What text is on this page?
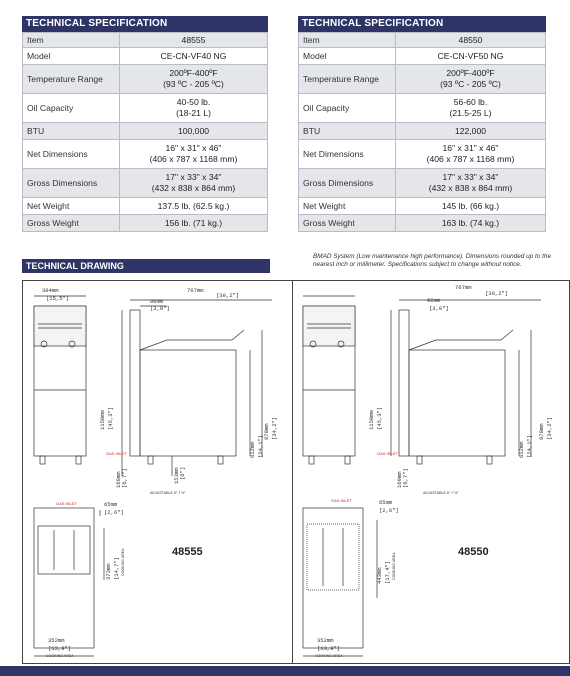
TECHNICAL SPECIFICATION
Item	48555
Model	CE-CN-VF40 NG
Temperature Range	200ºF-400ºF
(93 ºC - 205 ºC)

Oil Capacity	40-50 lb.
(18-21 L)

BTU	100,000
Net Dimensions	16" x 31" x 46"
(406 x 787 x 1168 mm)

Gross Dimensions	17" x 33" x 34"
(432 x 838 x 864 mm)

Net Weight	137.5 lb. (62.5 kg.)
Gross Weight	156 lb. (71 kg.)
TECHNICAL SPECIFICATION
Item	48550
Model	CE-CN-VF50 NG
Temperature Range	200ºF-400ºF
(93 ºC - 205 ºC)

Oil Capacity	56-60 lb.
(21.5-25 L)

BTU	122,000
Net Dimensions	16" x 31" x 46"
(406 x 787 x 1168 mm)

Gross Dimensions	17" x 33" x 34"
(432 x 838 x 864 mm)

Net Weight	145 lb. (66 kg.)
Gross Weight	163 lb. (74 kg.)
BMAD System (Low maintenance high performance). Dimensions rounded up to the nearest inch or millimeter. Specifications subject to change without notice.
TECHNICAL DRAWING
394mm
[15,5"]
767mm
[30,2"]
96mm
[3,8"]
1150mm [45,3"]
612mm [24,1"]
870mm [34,2"]
169mm [6,7"]	153mm [6"]
ADJUSTABLE 6"-7 ½"
GAS INLET
GAS INLET	65mm
[2,6"]
373mm [14,7"] COOKING AREA
352mm
[13,9"]
COOKING AREA
48555
767mm
[30,2"]
96mm
[3,8"]
1150mm [45,3"]
612mm [24,1"]
870mm [34,2"]
169mm [6,7"]
ADJUSTABLE 6"-7 ½"
GAS INLET
GAS INLET	65mm
[2,6"]
443mm [17,4"] COOKING AREA
352mm
[13,9"]
COOKING AREA
48550
